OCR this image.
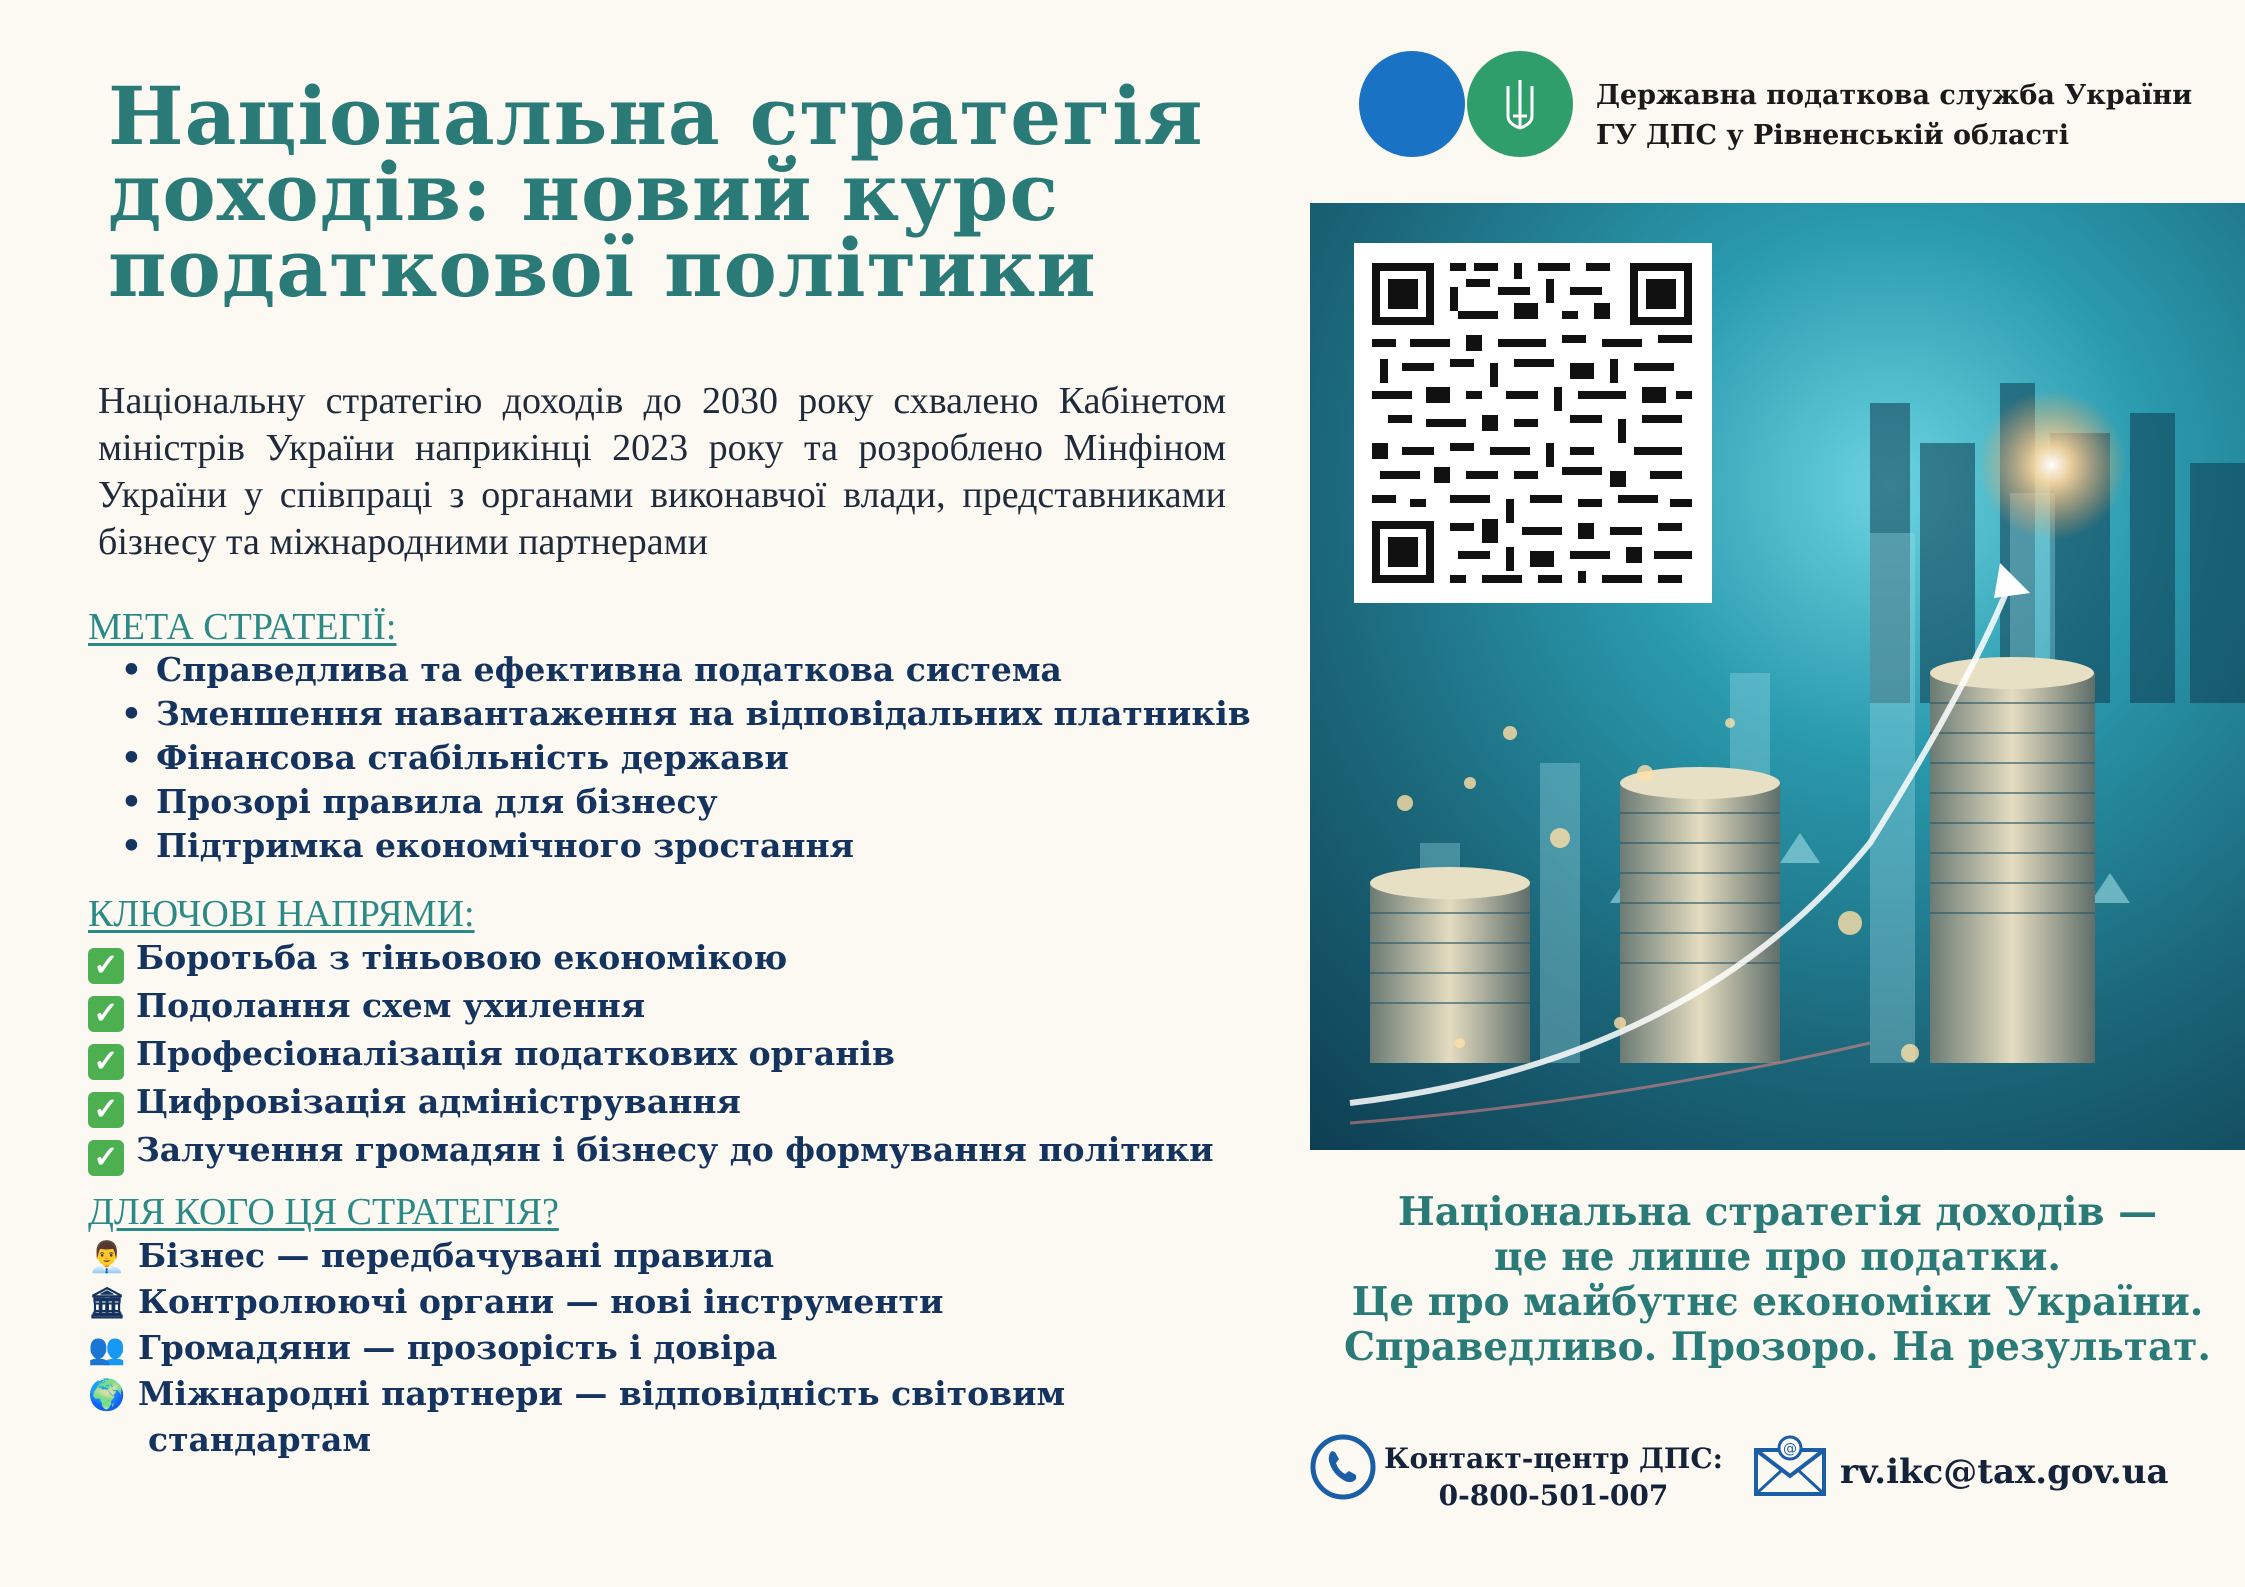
Національна стратегія
доходів: новий курс
податкової політики

Національну стратегію доходів до 2030 року схвалено Кабінетом міністрів України наприкінці 2023 року та розроблено Мінфіном України у співпраці з органами виконавчої влади, представниками бізнесу та міжнародними партнерами

МЕТА СТРАТЕГІЇ:
• Справедлива та ефективна податкова система
• Зменшення навантаження на відповідальних платників
• Фінансова стабільність держави
• Прозорі правила для бізнесу
• Підтримка економічного зростання
КЛЮЧОВІ НАПРЯМИ:
✓ Боротьба з тіньовою економікою
✓ Подолання схем ухилення
✓ Професіоналізація податкових органів
✓ Цифровізація адміністрування
✓ Залучення громадян і бізнесу до формування політики
ДЛЯ КОГО ЦЯ СТРАТЕГІЯ?
👨‍💼 Бізнес — передбачувані правила
🏛 Контролюючі органи — нові інструменти
👥 Громадяни — прозорість і довіра
🌍 Міжнародні партнери — відповідність світовим
стандартам
Державна податкова служба України
ГУ ДПС у Рівненській області
Національна стратегія доходів —
це не лише про податки.
Це про майбутнє економіки України.
Справедливо. Прозоро. На результат.
Контакт-центр ДПС:
0-800-501-007
@
rv.ikc@tax.gov.ua
